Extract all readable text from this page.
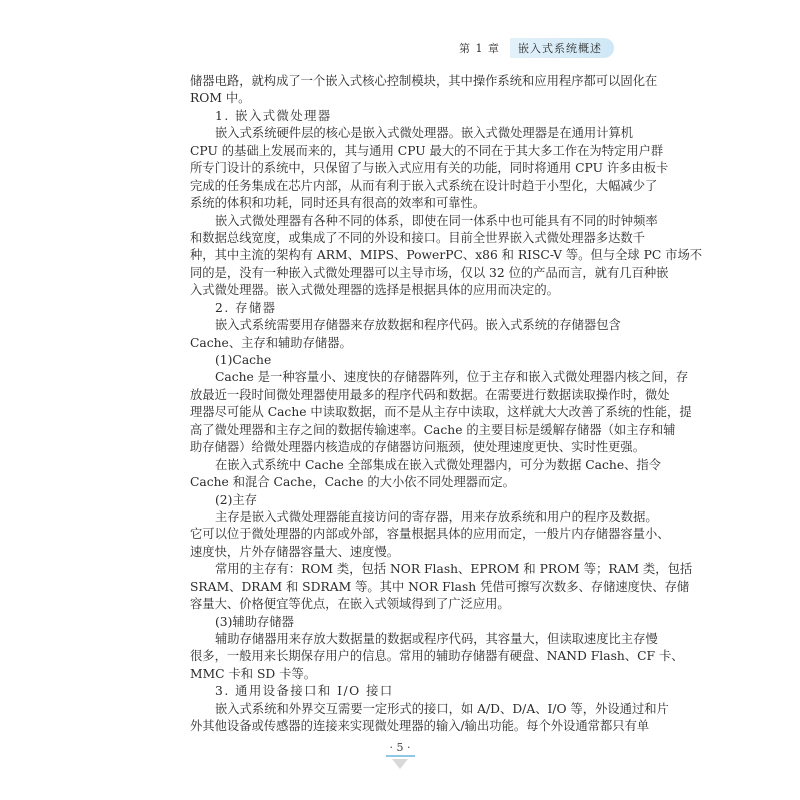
第 1 章	嵌入式系统概述
储器电路，就构成了一个嵌入式核心控制模块，其中操作系统和应用程序都可以固化在
ROM 中。
1. 嵌入式微处理器
嵌入式系统硬件层的核心是嵌入式微处理器。嵌入式微处理器是在通用计算机
CPU 的基础上发展而来的，其与通用 CPU 最大的不同在于其大多工作在为特定用户群
所专门设计的系统中，只保留了与嵌入式应用有关的功能，同时将通用 CPU 许多由板卡
完成的任务集成在芯片内部，从而有利于嵌入式系统在设计时趋于小型化，大幅减少了
系统的体积和功耗，同时还具有很高的效率和可靠性。
嵌入式微处理器有各种不同的体系，即使在同一体系中也可能具有不同的时钟频率
和数据总线宽度，或集成了不同的外设和接口。目前全世界嵌入式微处理器多达数千
种，其中主流的架构有 ARM、MIPS、PowerPC、x86 和 RISC-V 等。但与全球 PC 市场不
同的是，没有一种嵌入式微处理器可以主导市场，仅以 32 位的产品而言，就有几百种嵌
入式微处理器。嵌入式微处理器的选择是根据具体的应用而决定的。
2. 存储器
嵌入式系统需要用存储器来存放数据和程序代码。嵌入式系统的存储器包含
Cache、主存和辅助存储器。
(1)Cache
Cache 是一种容量小、速度快的存储器阵列，位于主存和嵌入式微处理器内核之间，存
放最近一段时间微处理器使用最多的程序代码和数据。在需要进行数据读取操作时，微处
理器尽可能从 Cache 中读取数据，而不是从主存中读取，这样就大大改善了系统的性能，提
高了微处理器和主存之间的数据传输速率。Cache 的主要目标是缓解存储器（如主存和辅
助存储器）给微处理器内核造成的存储器访问瓶颈，使处理速度更快、实时性更强。
在嵌入式系统中 Cache 全部集成在嵌入式微处理器内，可分为数据 Cache、指令
Cache 和混合 Cache，Cache 的大小依不同处理器而定。
(2)主存
主存是嵌入式微处理器能直接访问的寄存器，用来存放系统和用户的程序及数据。
它可以位于微处理器的内部或外部，容量根据具体的应用而定，一般片内存储器容量小、
速度快，片外存储器容量大、速度慢。
常用的主存有：ROM 类，包括 NOR Flash、EPROM 和 PROM 等；RAM 类，包括
SRAM、DRAM 和 SDRAM 等。其中 NOR Flash 凭借可擦写次数多、存储速度快、存储
容量大、价格便宜等优点，在嵌入式领域得到了广泛应用。
(3)辅助存储器
辅助存储器用来存放大数据量的数据或程序代码，其容量大，但读取速度比主存慢
很多，一般用来长期保存用户的信息。常用的辅助存储器有硬盘、NAND Flash、CF 卡、
MMC 卡和 SD 卡等。
3. 通用设备接口和 I/O 接口
嵌入式系统和外界交互需要一定形式的接口，如 A/D、D/A、I/O 等，外设通过和片
外其他设备或传感器的连接来实现微处理器的输入/输出功能。每个外设通常都只有单
· 5 ·
